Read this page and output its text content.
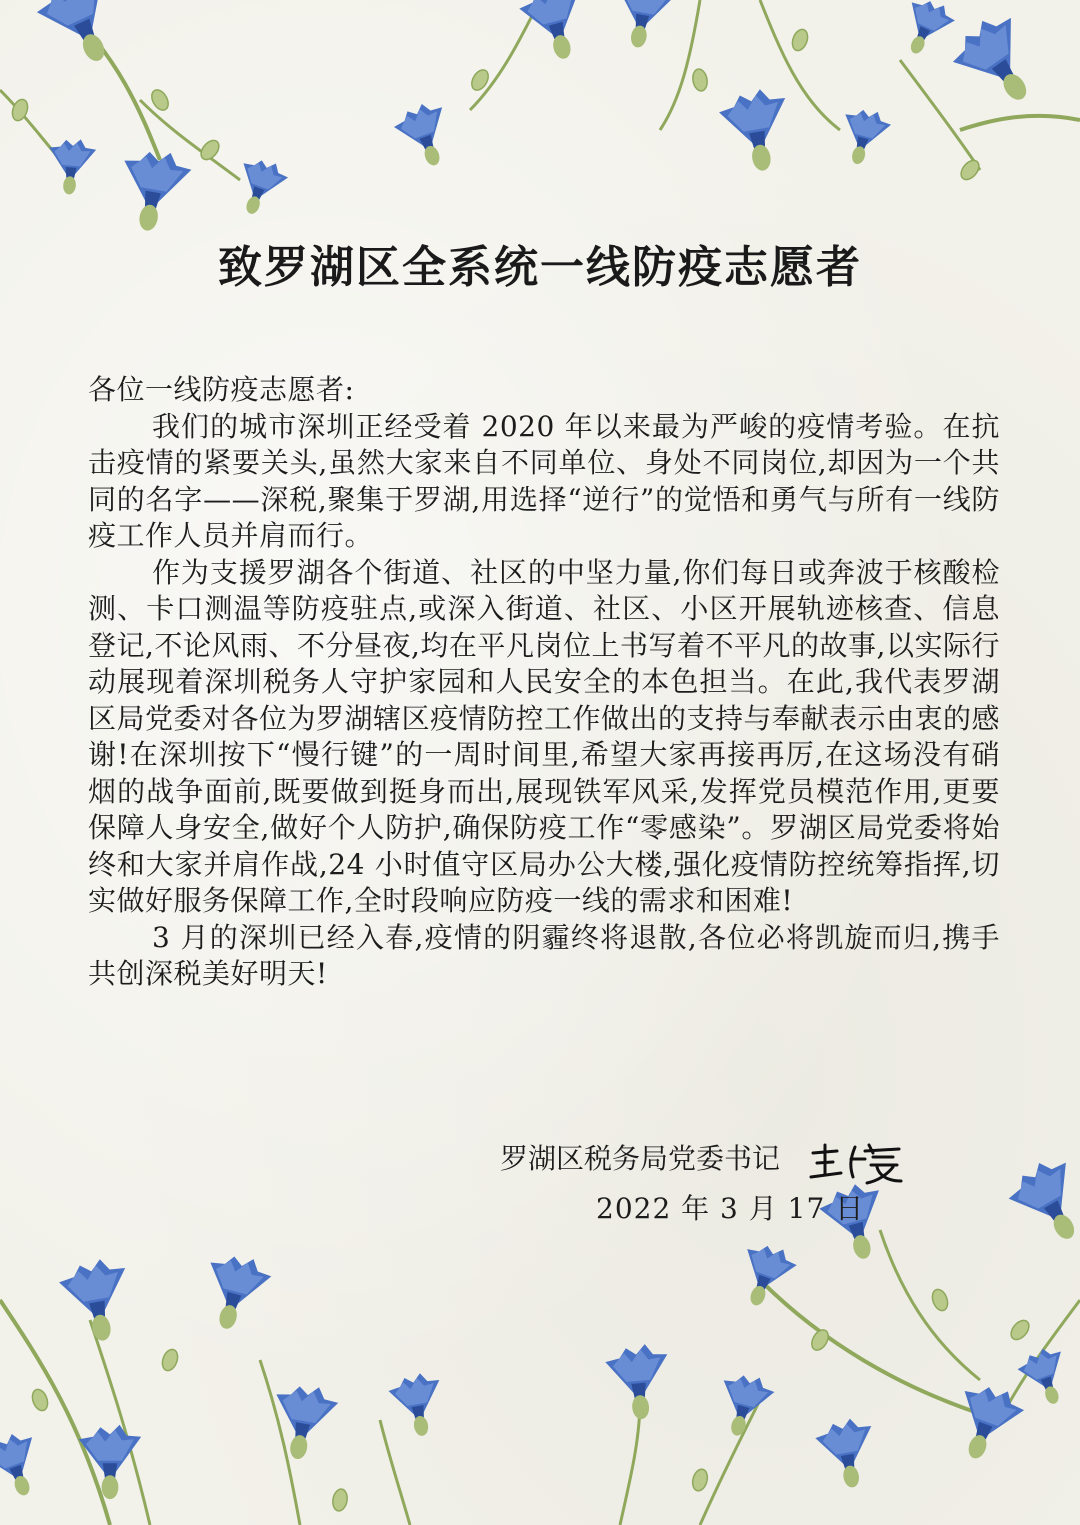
致罗湖区全系统一线防疫志愿者

各位一线防疫志愿者:

我们的城市深圳正经受着 2020 年以来最为严峻的疫情考验。在抗击疫情的紧要关头,虽然大家来自不同单位、身处不同岗位,却因为一个共同的名字——深税,聚集于罗湖,用选择“逆行”的觉悟和勇气与所有一线防疫工作人员并肩而行。

作为支援罗湖各个街道、社区的中坚力量,你们每日或奔波于核酸检测、卡口测温等防疫驻点,或深入街道、社区、小区开展轨迹核查、信息登记,不论风雨、不分昼夜,均在平凡岗位上书写着不平凡的故事,以实际行动展现着深圳税务人守护家园和人民安全的本色担当。在此,我代表罗湖区局党委对各位为罗湖辖区疫情防控工作做出的支持与奉献表示由衷的感谢!在深圳按下“慢行键”的一周时间里,希望大家再接再厉,在这场没有硝烟的战争面前,既要做到挺身而出,展现铁军风采,发挥党员模范作用,更要保障人身安全,做好个人防护,确保防疫工作“零感染”。罗湖区局党委将始终和大家并肩作战,24 小时值守区局办公大楼,强化疫情防控统筹指挥,切实做好服务保障工作,全时段响应防疫一线的需求和困难!

3 月的深圳已经入春,疫情的阴霾终将退散,各位必将凯旋而归,携手共创深税美好明天!

罗湖区税务局党委书记
2022 年 3 月 17 日
